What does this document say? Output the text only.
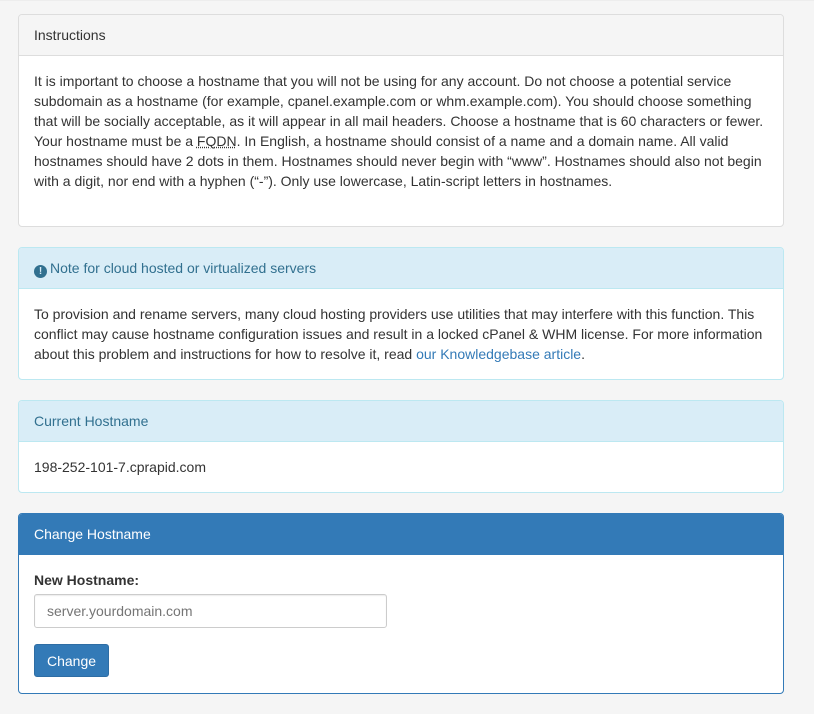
Instructions
It is important to choose a hostname that you will not be using for any account. Do not choose a potential service subdomain as a hostname (for example, cpanel.example.com or whm.example.com). You should choose something that will be socially acceptable, as it will appear in all mail headers. Choose a hostname that is 60 characters or fewer. Your hostname must be a FQDN. In English, a hostname should consist of a name and a domain name. All valid hostnames should have 2 dots in them. Hostnames should never begin with “www”. Hostnames should also not begin with a digit, nor end with a hyphen (“-”). Only use lowercase, Latin-script letters in hostnames.
! Note for cloud hosted or virtualized servers
To provision and rename servers, many cloud hosting providers use utilities that may interfere with this function. This conflict may cause hostname configuration issues and result in a locked cPanel & WHM license. For more information about this problem and instructions for how to resolve it, read our Knowledgebase article.
Current Hostname
198-252-101-7.cprapid.com
Change Hostname
New Hostname:
server.yourdomain.com
Change
